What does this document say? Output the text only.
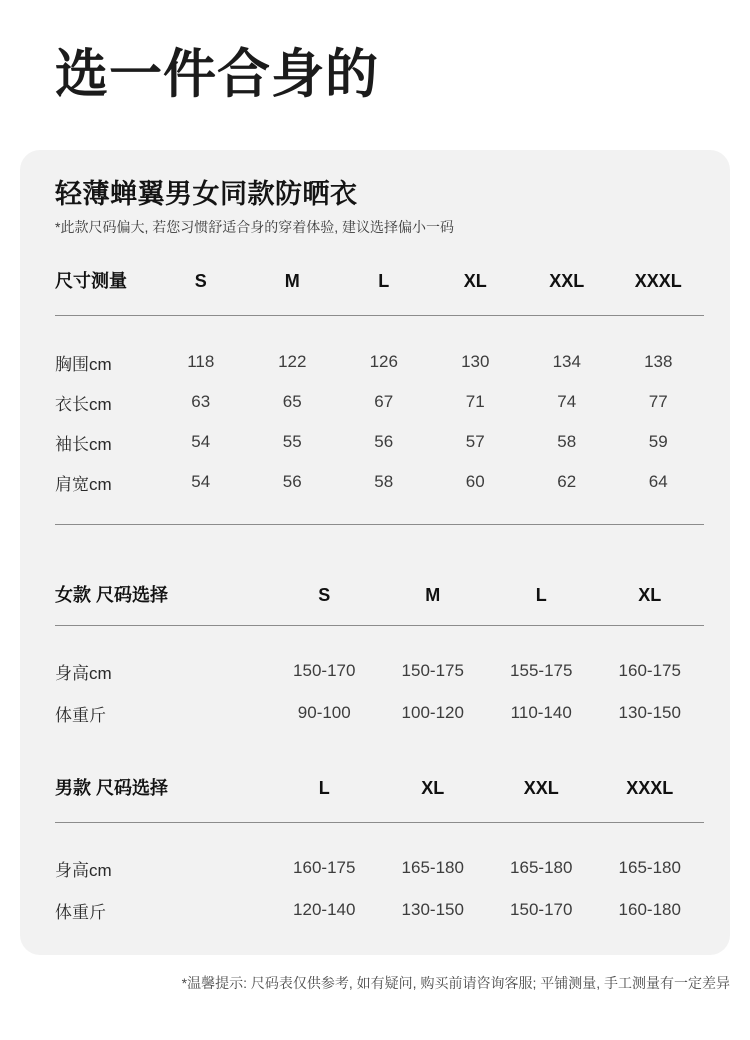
选一件合身的
轻薄蝉翼男女同款防晒衣
*此款尺码偏大, 若您习惯舒适合身的穿着体验, 建议选择偏小一码
尺寸测量	S	M	L	XL	XXL	XXXL
胸围cm	118	122	126	130	134	138
衣长cm	63	65	67	71	74	77
袖长cm	54	55	56	57	58	59
肩宽cm	54	56	58	60	62	64
女款 尺码选择	S	M	L	XL
身高cm	150-170	150-175	155-175	160-175
体重斤	90-100	100-120	110-140	130-150
男款 尺码选择	L	XL	XXL	XXXL
身高cm	160-175	165-180	165-180	165-180
体重斤	120-140	130-150	150-170	160-180
*温馨提示: 尺码表仅供参考, 如有疑问, 购买前请咨询客服; 平铺测量, 手工测量有一定差异
